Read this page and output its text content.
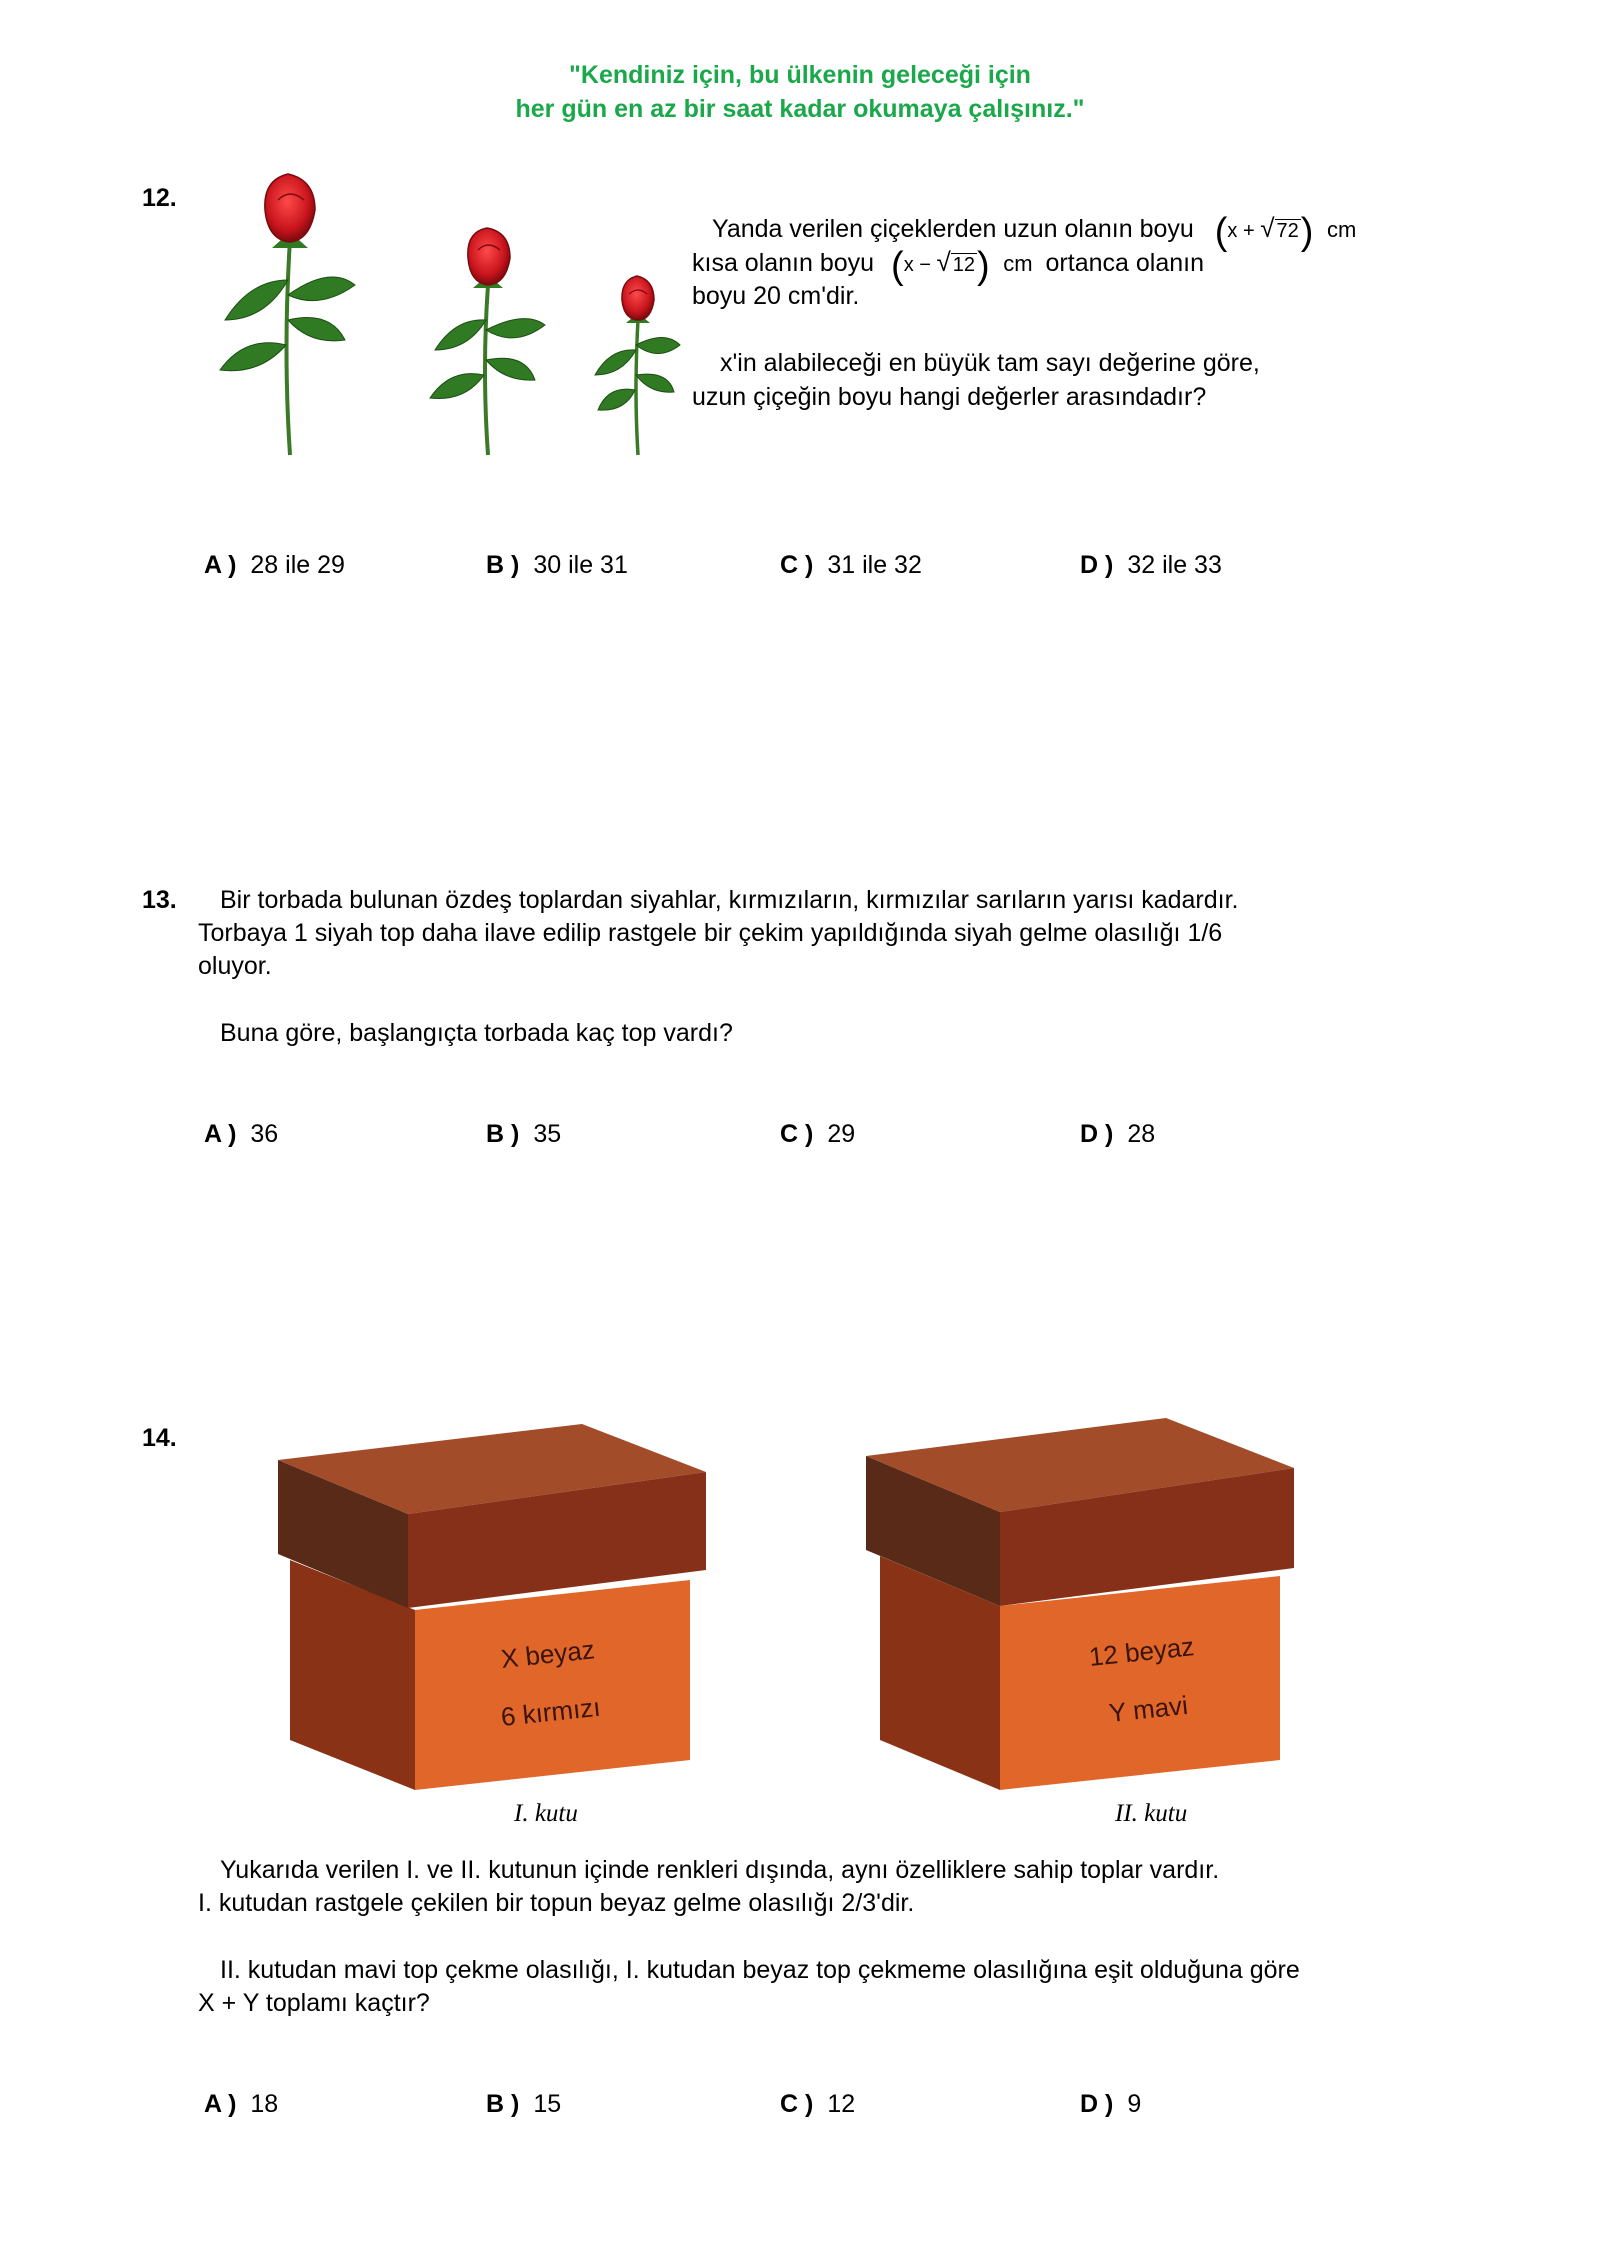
"Kendiniz için, bu ülkenin geleceği için
her gün en az bir saat kadar okumaya çalışınız."
12.
Yanda verilen çiçeklerden uzun olanın boyu (x + √ 72) cm
kısa olanın boyu (x − √ 12) cm ortanca olanın
boyu 20 cm'dir.
x'in alabileceği en büyük tam sayı değerine göre,
uzun çiçeğin boyu hangi değerler arasındadır?
A ) 28 ile 29	B ) 30 ile 31	C ) 31 ile 32	D ) 32 ile 33
13. Bir torbada bulunan özdeş toplardan siyahlar, kırmızıların, kırmızılar sarıların yarısı kadardır.
Torbaya 1 siyah top daha ilave edilip rastgele bir çekim yapıldığında siyah gelme olasılığı 1/6
oluyor.
Buna göre, başlangıçta torbada kaç top vardı?
A ) 36	B ) 35	C ) 29	D ) 28
14.
X beyaz
6 kırmızı
I. kutu
12 beyaz
Y mavi
II. kutu
Yukarıda verilen I. ve II. kutunun içinde renkleri dışında, aynı özelliklere sahip toplar vardır.
I. kutudan rastgele çekilen bir topun beyaz gelme olasılığı 2/3'dir.
II. kutudan mavi top çekme olasılığı, I. kutudan beyaz top çekmeme olasılığına eşit olduğuna göre
X + Y toplamı kaçtır?
A ) 18	B ) 15	C ) 12	D ) 9
